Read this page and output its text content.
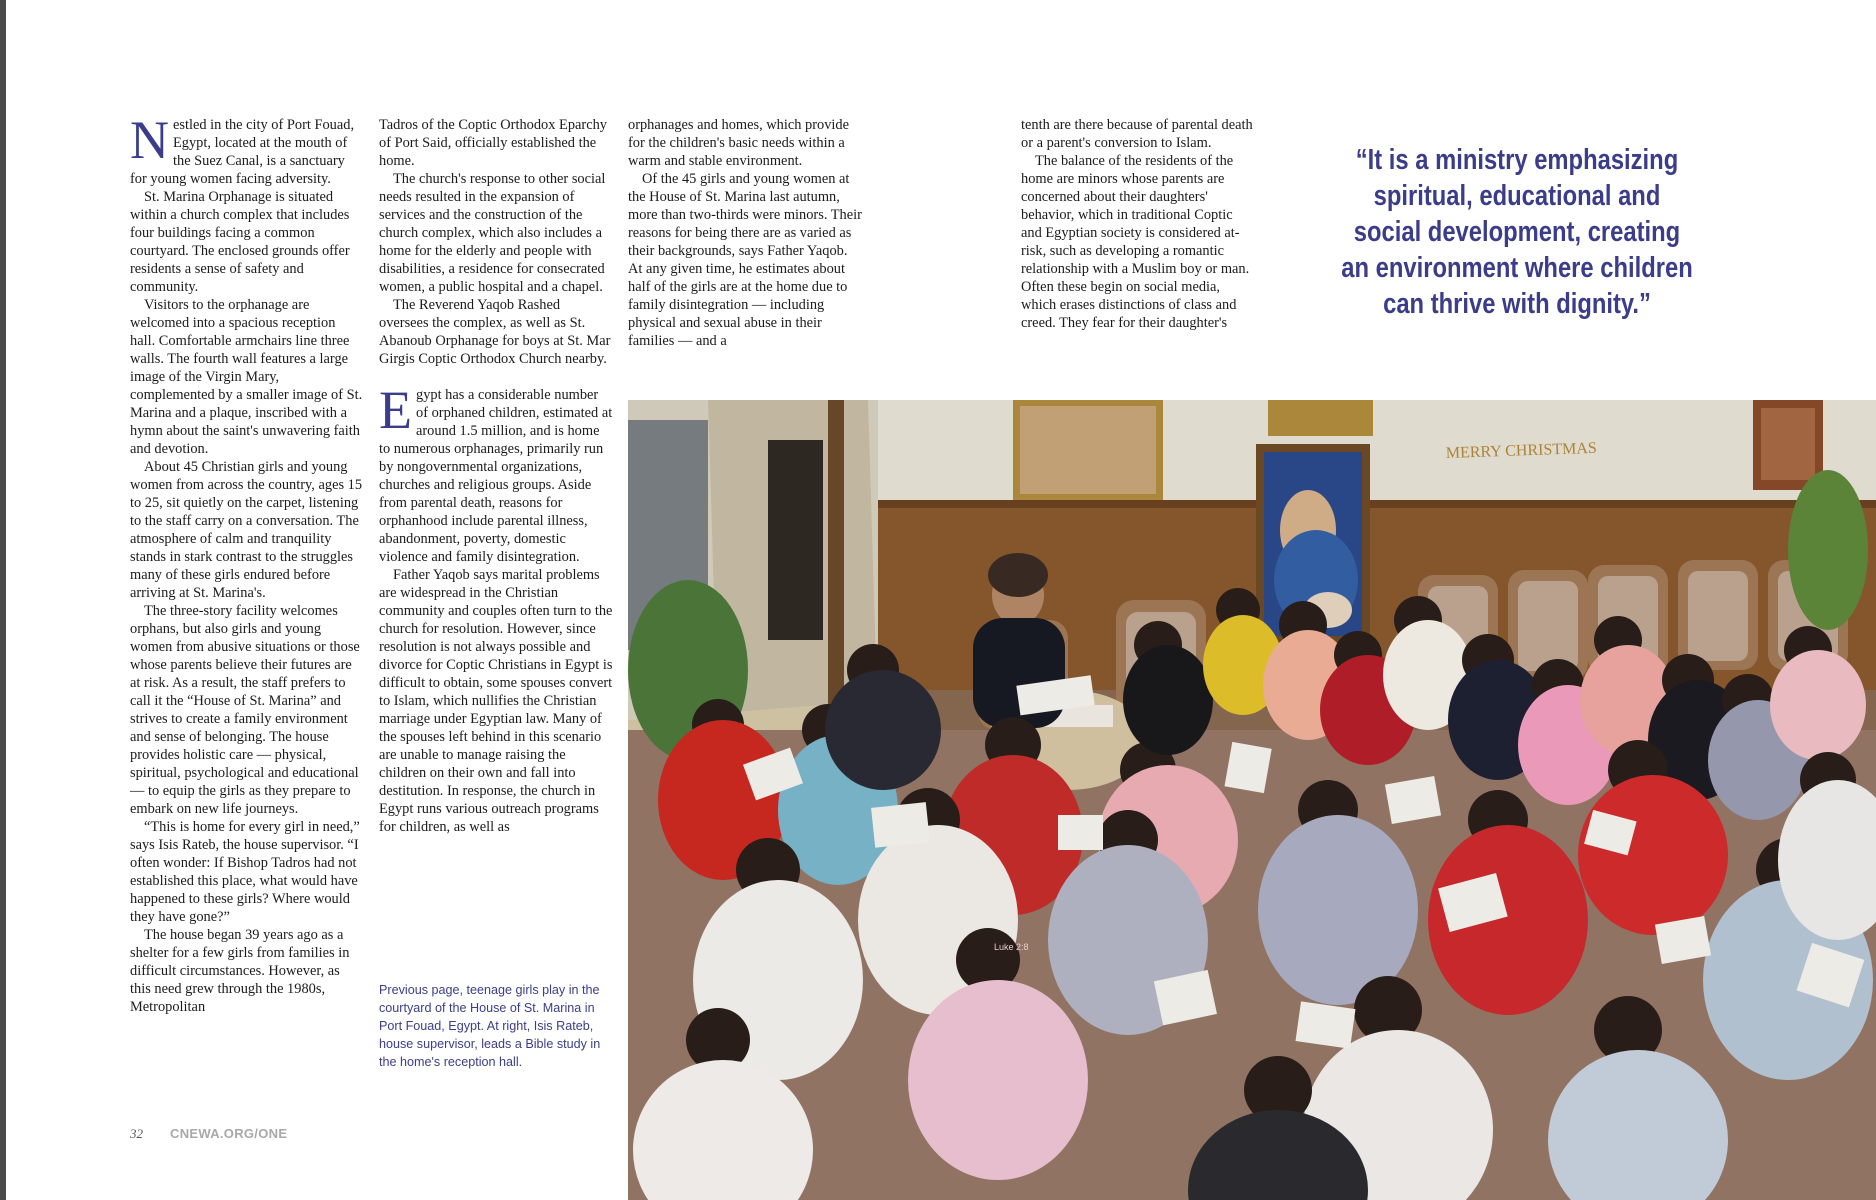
Nestled in the city of Port Fouad, Egypt, located at the mouth of the Suez Canal, is a sanctuary for young women facing adversity.

St. Marina Orphanage is situated within a church complex that includes four buildings facing a common courtyard. The enclosed grounds offer residents a sense of safety and community.

Visitors to the orphanage are welcomed into a spacious reception hall. Comfortable armchairs line three walls. The fourth wall features a large image of the Virgin Mary, complemented by a smaller image of St. Marina and a plaque, inscribed with a hymn about the saint's unwavering faith and devotion.

About 45 Christian girls and young women from across the country, ages 15 to 25, sit quietly on the carpet, listening to the staff carry on a conversation. The atmosphere of calm and tranquility stands in stark contrast to the struggles many of these girls endured before arriving at St. Marina's.

The three-story facility welcomes orphans, but also girls and young women from abusive situations or those whose parents believe their futures are at risk. As a result, the staff prefers to call it the “House of St. Marina” and strives to create a family environment and sense of belonging. The house provides holistic care — physical, spiritual, psychological and educational — to equip the girls as they prepare to embark on new life journeys.

“This is home for every girl in need,” says Isis Rateb, the house supervisor. “I often wonder: If Bishop Tadros had not established this place, what would have happened to these girls? Where would they have gone?”

The house began 39 years ago as a shelter for a few girls from families in difficult circumstances. However, as this need grew through the 1980s, Metropolitan

Tadros of the Coptic Orthodox Eparchy of Port Said, officially established the home.

The church's response to other social needs resulted in the expansion of services and the construction of the church complex, which also includes a home for the elderly and people with disabilities, a residence for consecrated women, a public hospital and a chapel.

The Reverend Yaqob Rashed oversees the complex, as well as St. Abanoub Orphanage for boys at St. Mar Girgis Coptic Orthodox Church nearby.

Egypt has a considerable number of orphaned children, estimated at around 1.5 million, and is home to numerous orphanages, primarily run by nongovernmental organizations, churches and religious groups. Aside from parental death, reasons for orphanhood include parental illness, abandonment, poverty, domestic violence and family disintegration.

Father Yaqob says marital problems are widespread in the Christian community and couples often turn to the church for resolution. However, since resolution is not always possible and divorce for Coptic Christians in Egypt is difficult to obtain, some spouses convert to Islam, which nullifies the Christian marriage under Egyptian law. Many of the spouses left behind in this scenario are unable to manage raising the children on their own and fall into destitution. In response, the church in Egypt runs various outreach programs for children, as well as

Previous page, teenage girls play in the courtyard of the House of St. Marina in Port Fouad, Egypt. At right, Isis Rateb, house supervisor, leads a Bible study in the home's reception hall.

orphanages and homes, which provide for the children's basic needs within a warm and stable environment.

Of the 45 girls and young women at the House of St. Marina last autumn, more than two-thirds were minors. Their reasons for being there are as varied as their backgrounds, says Father Yaqob. At any given time, he estimates about half of the girls are at the home due to family disintegration — including physical and sexual abuse in their families — and a

tenth are there because of parental death or a parent's conversion to Islam.

The balance of the residents of the home are minors whose parents are concerned about their daughters' behavior, which in traditional Coptic and Egyptian society is considered at-risk, such as developing a romantic relationship with a Muslim boy or man. Often these begin on social media, which erases distinctions of class and creed. They fear for their daughter's

“It is a ministry emphasizing spiritual, educational and social development, creating an environment where children can thrive with dignity.”

MERRY CHRISTMAS
Luke 2:8
32 CNEWA.ORG/ONE
